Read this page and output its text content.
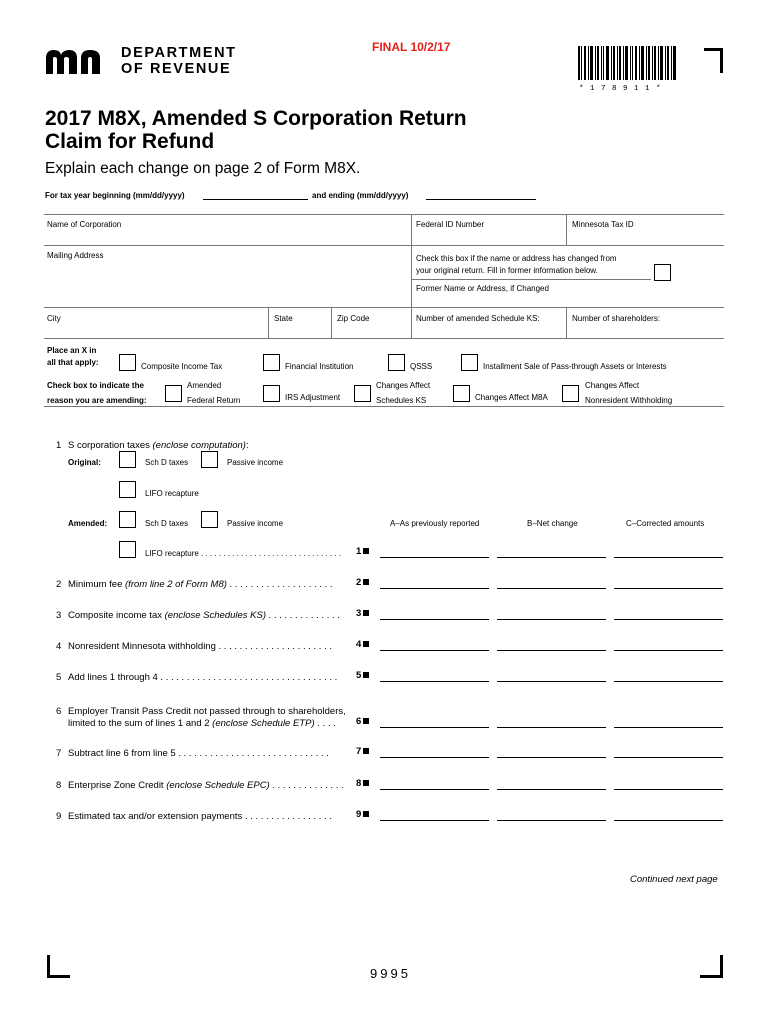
FINAL 10/2/17
DEPARTMENT
OF REVENUE
*178911*
2017 M8X, Amended S Corporation Return
Claim for Refund
Explain each change on page 2 of Form M8X.
For tax year beginning (mm/dd/yyyy)	and ending (mm/dd/yyyy)
Name of Corporation	Federal ID Number	Minnesota Tax ID
Mailing Address	Check this box if the name or address has changed from
your original return. Fill in former information below.
Former Name or Address, if Changed
City	State	Zip Code	Number of amended Schedule KS:	Number of shareholders:
Place an X in
all that apply:	Composite Income Tax	Financial Institution	QSSS	Installment Sale of Pass-through Assets or Interests
Check box to indicate the
reason you are amending:
Amended
Federal Return	IRS Adjustment
Changes Affect
Schedules KS	Changes Affect M8A
Changes Affect
Nonresident Withholding
1 S corporation taxes (enclose computation):
Original:	Sch D taxes	Passive income
LIFO recapture
Amended:	Sch D taxes	Passive income	A–As previously reported	B–Net change	C–Corrected amounts
LIFO recapture . . . . . . . . . . . . . . . . . . . . . . . . . . . . . . . . 1
2 Minimum fee (from line 2 of Form M8) . . . . . . . . . . . . . . . . . . . . 2
3 Composite income tax (enclose Schedules KS) . . . . . . . . . . . . . . 3
4 Nonresident Minnesota withholding . . . . . . . . . . . . . . . . . . . . . .	4
5 Add lines 1 through 4 . . . . . . . . . . . . . . . . . . . . . . . . . . . . . . . . . . 5
7 Subtract line 6 from line 5 . . . . . . . . . . . . . . . . . . . . . . . . . . . . .	7
8 Enterprise Zone Credit (enclose Schedule EPC) . . . . . . . . . . . . . . 8
9 Estimated tax and/or extension payments . . . . . . . . . . . . . . . . .	9
6 Employer Transit Pass Credit not passed through to shareholders,
limited to the sum of lines 1 and 2 (enclose Schedule ETP) . . . . 6
Continued next page
9995
